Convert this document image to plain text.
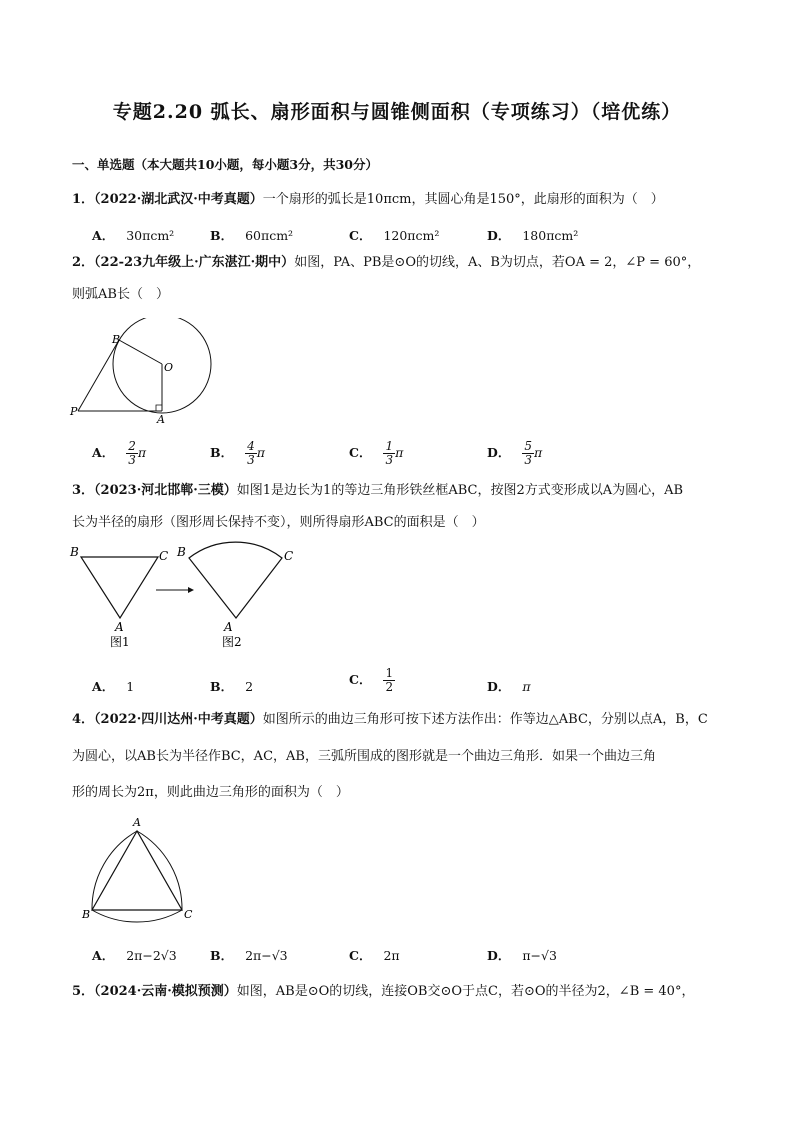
专题2.20 弧长、扇形面积与圆锥侧面积（专项练习）（培优练）
一、单选题（本大题共10小题，每小题3分，共30分）
1．（2022·湖北武汉·中考真题）一个扇形的弧长是10πcm，其圆心角是150°，此扇形的面积为（　）
A． 30πcm²	B． 60πcm²	C． 120πcm²	D． 180πcm²
2．（22-23九年级上·广东湛江·期中）如图，PA、PB是⊙O的切线，A、B为切点，若OA = 2，∠P = 60°，
则弧AB长（　）
B
O
P
A
A． $\frac{2}{3}$ π	B． $\frac{4}{3}$ π	C． $\frac{1}{3}$ π	D． $\frac{5}{3}$ π
3．（2023·河北邯郸·三模）如图1是边长为1的等边三角形铁丝框ABC，按图2方式变形成以A为圆心，AB
长为半径的扇形（图形周长保持不变），则所得扇形ABC的面积是（　）
B	C
A
图1
B	C
A
图2
A． 1	B． 2	C． $\frac{1}{2}$	D． π
4．（2022·四川达州·中考真题）如图所示的曲边三角形可按下述方法作出：作等边△ABC，分别以点A，B，C
为圆心，以AB长为半径作BC，AC，AB，三弧所围成的图形就是一个曲边三角形．如果一个曲边三角
形的周长为2π，则此曲边三角形的面积为（　）
A
B	C
A． 2π−2√3	B． 2π−√3	C． 2π	D． π−√3
5．（2024·云南·模拟预测）如图，AB是⊙O的切线，连接OB交⊙O于点C，若⊙O的半径为2，∠B = 40°，
